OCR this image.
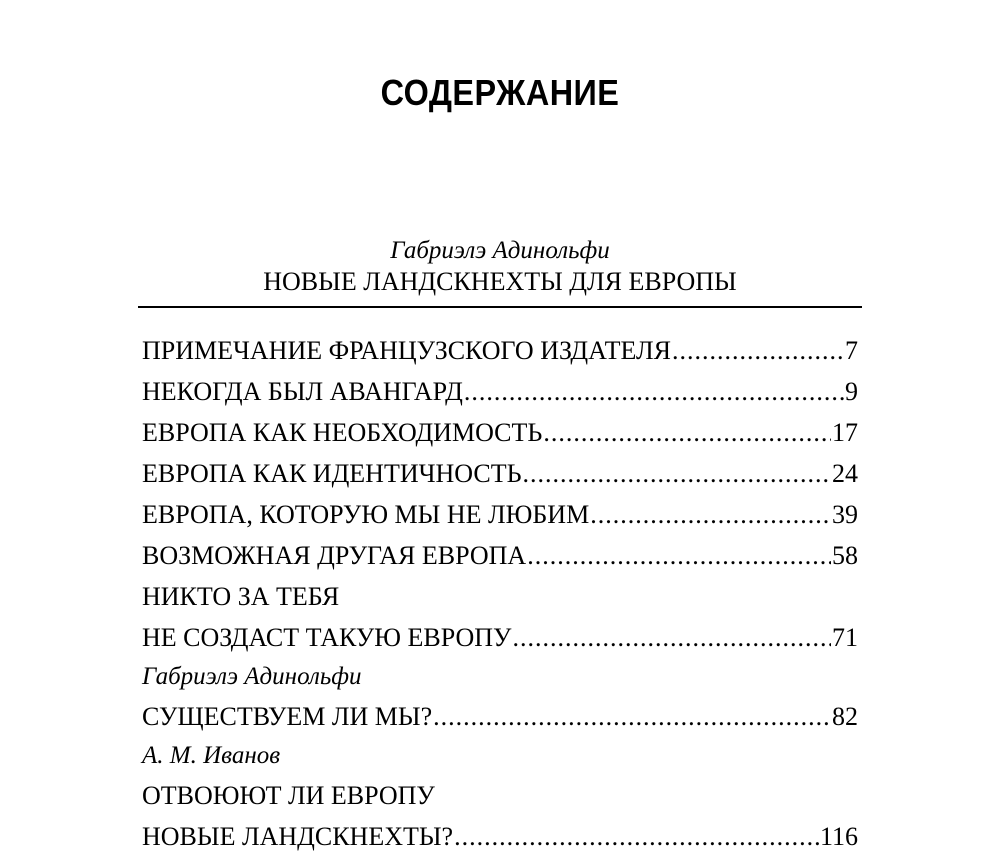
СОДЕРЖАНИЕ
Габриэлэ Адинольфи
НОВЫЕ ЛАНДСКНЕХТЫ ДЛЯ ЕВРОПЫ
ПРИМЕЧАНИЕ ФРАНЦУЗСКОГО ИЗДАТЕЛЯ .....	7
НЕКОГДА БЫЛ АВАНГАРД .....	9
ЕВРОПА КАК НЕОБХОДИМОСТЬ .....	17
ЕВРОПА КАК ИДЕНТИЧНОСТЬ .....	24
ЕВРОПА, КОТОРУЮ МЫ НЕ ЛЮБИМ .....	39
ВОЗМОЖНАЯ ДРУГАЯ ЕВРОПА .....	58
НИКТО ЗА ТЕБЯ
НЕ СОЗДАСТ ТАКУЮ ЕВРОПУ .....	71
Габриэлэ Адинольфи
СУЩЕСТВУЕМ ЛИ МЫ? .....	82
А. М. Иванов
ОТВОЮЮТ ЛИ ЕВРОПУ
НОВЫЕ ЛАНДСКНЕХТЫ? .....	116
